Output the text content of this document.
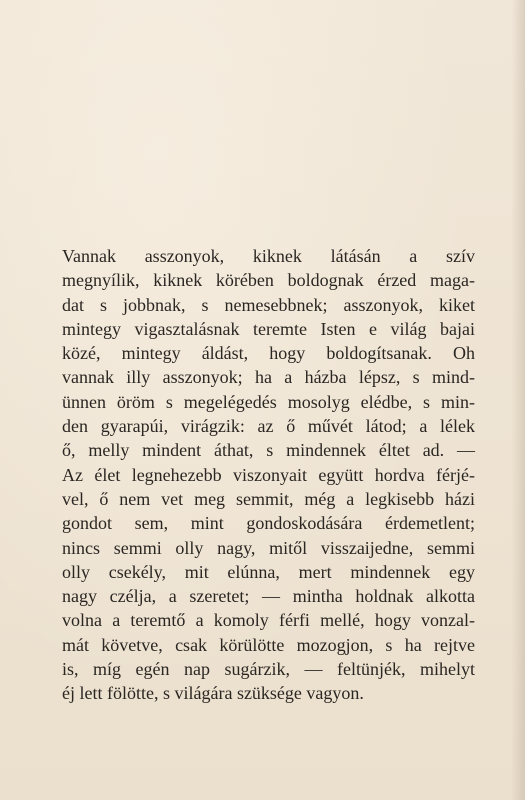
Vannak asszonyok, kiknek látásán a szív
megnyílik, kiknek körében boldognak érzed maga-
dat s jobbnak, s nemesebbnek; asszonyok, kiket
mintegy vigasztalásnak teremte Isten e világ bajai
közé, mintegy áldást, hogy boldogítsanak. Oh
vannak illy asszonyok; ha a házba lépsz, s mind-
ünnen öröm s megelégedés mosolyg elédbe, s min-
den gyarapúi, virágzik: az ő művét látod; a lélek
ő, melly mindent áthat, s mindennek éltet ad. —
Az élet legnehezebb viszonyait együtt hordva férjé-
vel, ő nem vet meg semmit, még a legkisebb házi
gondot sem, mint gondoskodására érdemetlent;
nincs semmi olly nagy, mitől visszaijedne, semmi
olly csekély, mit elúnna, mert mindennek egy
nagy czélja, a szeretet; — mintha holdnak alkotta
volna a teremtő a komoly férfi mellé, hogy vonzal-
mát követve, csak körülötte mozogjon, s ha rejtve
is, míg egén nap sugárzik, — feltünjék, mihelyt
éj lett fölötte, s világára szüksége vagyon.
